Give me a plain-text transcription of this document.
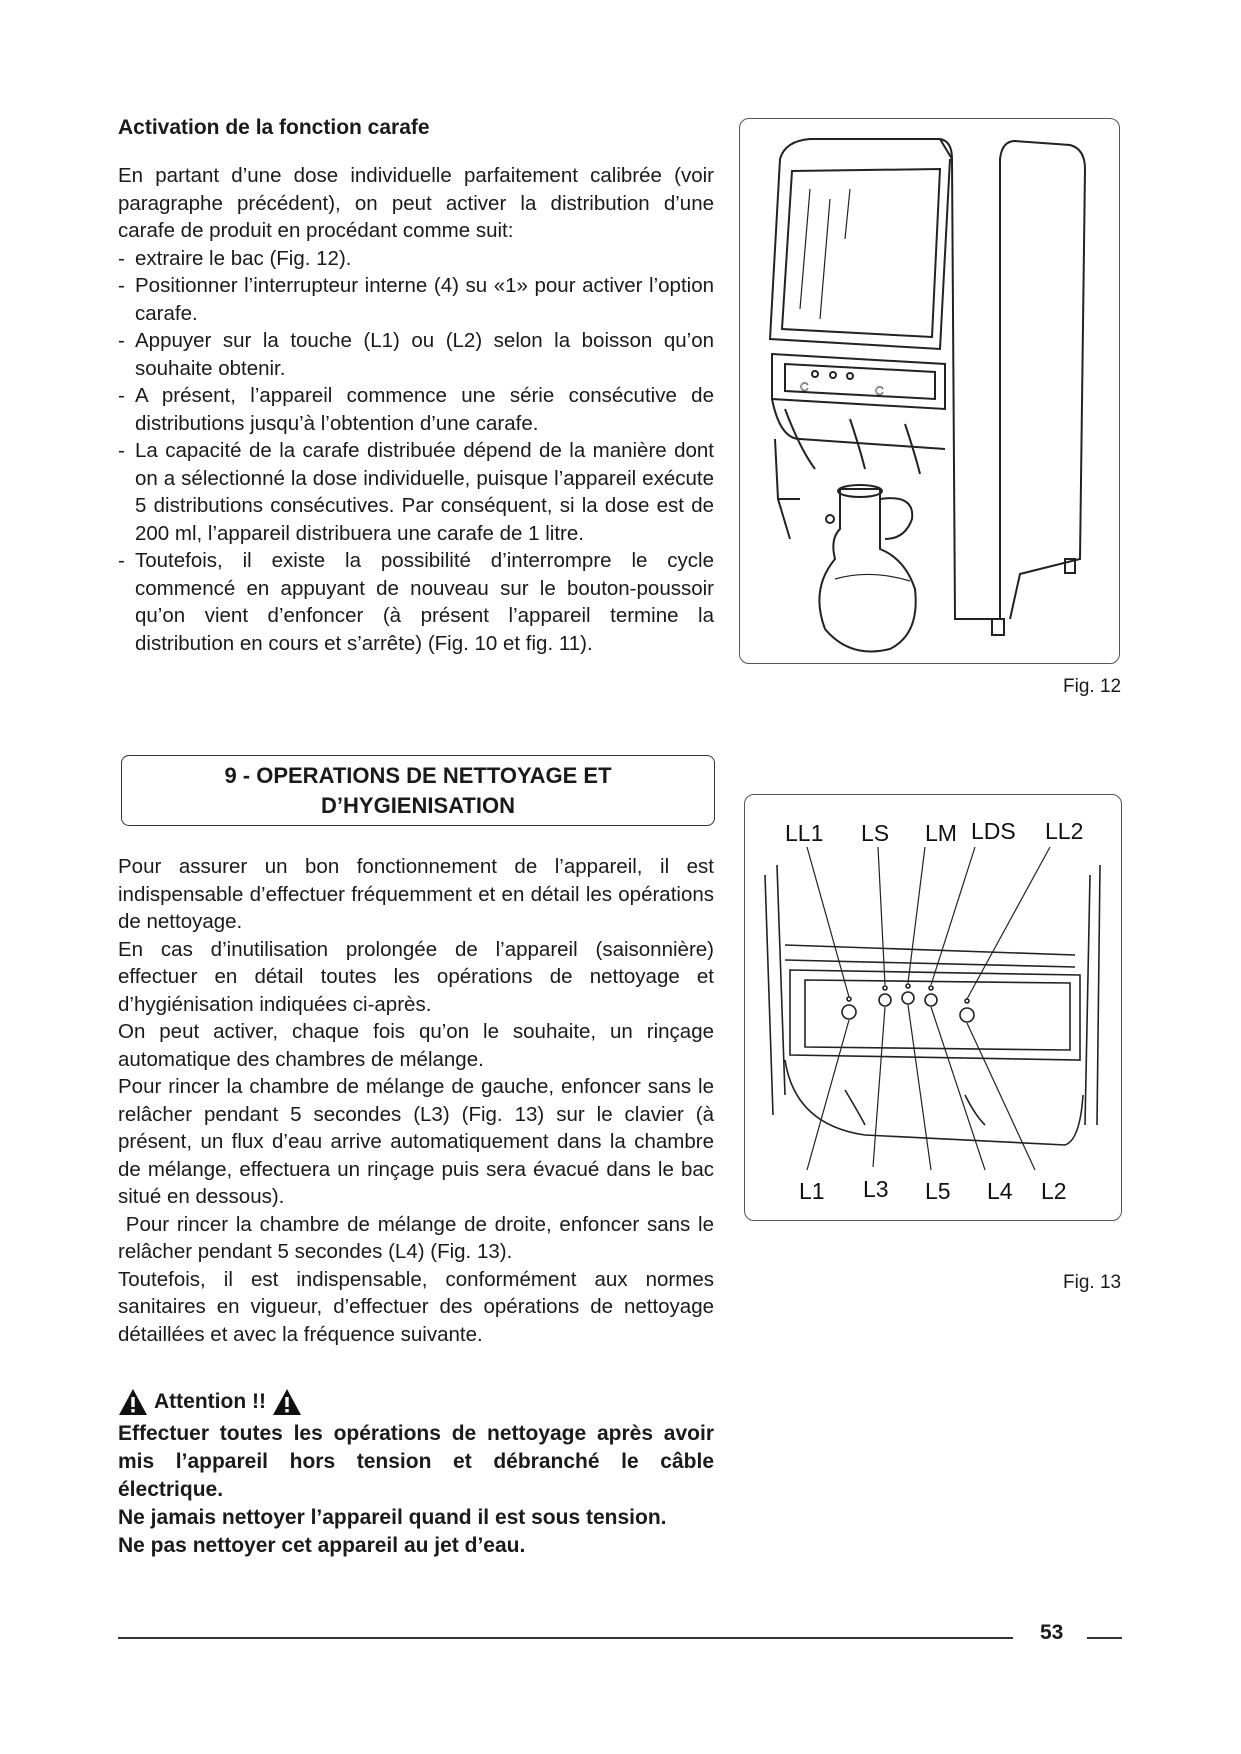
Activation de la fonction carafe

En partant d’une dose individuelle parfaitement calibrée (voir paragraphe précédent), on peut activer la distribution d’une carafe de produit en procédant comme suit:

- extraire le bac (Fig. 12).
- Positionner l’interrupteur interne (4) su «1» pour activer l’option carafe.
- Appuyer sur la touche (L1) ou (L2) selon la boisson qu’on souhaite obtenir.
- A présent, l’appareil commence une série consécutive de distributions jusqu’à l’obtention d’une carafe.
- La capacité de la carafe distribuée dépend de la manière dont on a sélectionné la dose individuelle, puisque l’appareil exécute 5 distributions consécutives. Par conséquent, si la dose est de 200 ml, l’appareil distribuera une carafe de 1 litre.
- Toutefois, il existe la possibilité d’interrompre le cycle commencé en appuyant de nouveau sur le bouton-poussoir qu’on vient d’enfoncer (à présent l’appareil termine la distribution en cours et s’arrête) (Fig. 10 et fig. 11).
9 - OPERATIONS DE NETTOYAGE ET
D’HYGIENISATION

Pour assurer un bon fonctionnement de l’appareil, il est indispensable d’effectuer fréquemment et en détail les opérations de nettoyage.

En cas d’inutilisation prolongée de l’appareil (saisonnière) effectuer en détail toutes les opérations de nettoyage et d’hygiénisation indiquées ci-après.

On peut activer, chaque fois qu’on le souhaite, un rinçage automatique des chambres de mélange.

Pour rincer la chambre de mélange de gauche, enfoncer sans le relâcher pendant 5 secondes (L3) (Fig. 13) sur le clavier (à présent, un flux d’eau arrive automatiquement dans la chambre de mélange, effectuera un rinçage puis sera évacué dans le bac situé en dessous).

Pour rincer la chambre de mélange de droite, enfoncer sans le relâcher pendant 5 secondes (L4) (Fig. 13).

Toutefois, il est indispensable, conformément aux normes sanitaires en vigueur, d’effectuer des opérations de nettoyage détaillées et avec la fréquence suivante.

Attention !!
Effectuer toutes les opérations de nettoyage après avoir mis l’appareil hors tension et débranché le câble électrique.
Ne jamais nettoyer l’appareil quand il est sous tension.
Ne pas nettoyer cet appareil au jet d’eau.
C	C
Fig. 12
LL1 LS LM LDS LL2
L1 L3 L5 L4 L2
Fig. 13
53
